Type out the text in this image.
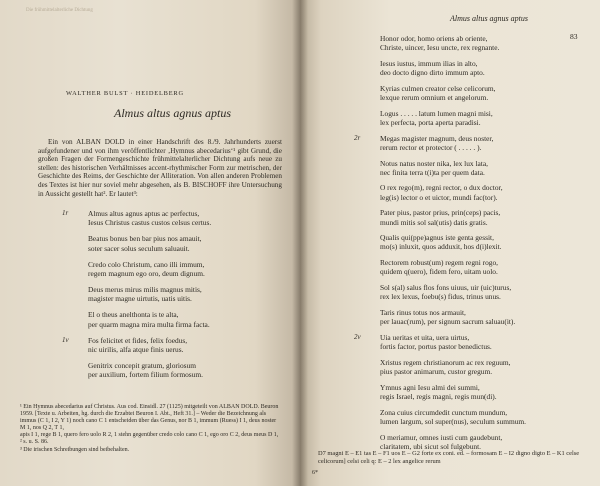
Die frühmittelalterliche Dichtung
WALTHER BULST · HEIDELBERG
Almus altus agnus aptus

Ein von ALBAN DOLD in einer Handschrift des 8./9. Jahrhunderts zuerst aufgefundener und von ihm veröffentlichter ‚Hymnus abecedarius‘¹ gibt Grund, die großen Fragen der Formengeschichte frühmittelalterlicher Dichtung aufs neue zu stellen: des historischen Verhältnisses accent-rhythmischer Form zur metrischen, der Geschichte des Reims, der Geschichte der Alliteration. Von allen anderen Problemen des Textes ist hier nur soviel mehr abgesehen, als B. BISCHOFF ihre Untersuchung in Aussicht gestellt hat². Er lautet³:

1r	Almus altus agnus aptus ac perfectus,
Iesus Christus castus custos celsus certus.
Beatus bonus ben bar pius nos amauit,
soter sacer solus seculum saluauit.
Credo colo Christum, cano illi immum,
regem magnum ego oro, deum dignum.
Deus merus mirus milis magnus mitis,
magister magne uirtutis, uatis uitis.
El o theus anelthonta is te alta,
per quarm magna mira multa firma facta.
1v	Fos felicitet et fides, felix foedus,
nic uirilis, alfa atque finis uerus.
Genitrix concepit gratum, gloriosum
per auxilium, fortem filium formosum.
¹ Ein Hymnus abecedarius auf Christus. Aus cod. Einsidl. 27 (1125) mitgeteilt von ALBAN DOLD. Beuron 1959. [Texte u. Arbeiten, hg. durch die Erzabtei Beuron I. Abt., Heft 31.] – Weder die Bezeichnung als immus (C 1, I 2, Y 1) noch cano C 1 entscheiden über das Genus, nor B 1, immum (Ruess) I 1, deus noster M 1, nos Q 2, T 1,
apis I 1, rege B 1, quero fero uolo R 2, 1 stehn gegenüber credo colo cano C 1, ego oro C 2, deus meus D 1,
² s. u. S. 86.
³ Die irischen Schreibungen sind beibehalten.
Almus altus agnus aptus
83
Honor odor, homo oriens ab oriente,
Christe, uincer, Iesu uncte, rex regnante.
Iesus iustus, immum ilias in alto,
deo docto digno dirto immum apto.
Kyrias culmen creator celse celicorum,
lexque rerum omnium et angelorum.
Logus . . . . . latum lumen magni misi,
lex perfecta, porta aperta paradisi.
2r	Megas magister magnum, deus noster,
rerum rector et protector ( . . . . . ).
Notus natus noster nika, lex lux lata,
nec finita terra t(i)ta per quem data.
O rex rego(m), regni rector, o dux doctor,
leg(is) lector o et uictor, mundi fac(tor).
Pater pius, pastor prius, prin(ceps) pacis,
mundi mitis sol sal(utis) datis gratis.
Qualis qui(ppe)agnus iste genta gessit,
mo(s) inluxit, quos adduxit, hos d(i)lexit.
Rectorem robust(um) regem regni rogo,
quidem q(uero), fidem fero, uitam uolo.
Sol s(al) salus flos fons uiuus, uir (uic)turus,
rex lex lexus, foebu(s) fidus, trinus unus.
Taris rinus totus nos armauit,
per lauac(rum), per signum sacrum saluau(it).
2v	Uia ueritas et uita, uera uirtus,
fortis factor, portus pastor benedictus.
Xristus regem christianorum ac rex reguum,
pius pastor animarum, custor gregum.
Ymnus agni Iesu almi dei summi,
regis Israel, regis magni, regis mun(di).
Zona cuius circumdedit cunctum mundum,
lumen largum, sol super(nus), seculum summum.
O meriamur, omnes iusti cum gaudebunt,
claritatem, ubi sicut sol fulgebunt.
D7 magni E – E1 tas E – F1 uos E – G2 forte ex coni. ed. – formosam E – I2 digno digto E – K1 celse celicorum] celsi celi q: E – 2 lex angelice rerum
6*
